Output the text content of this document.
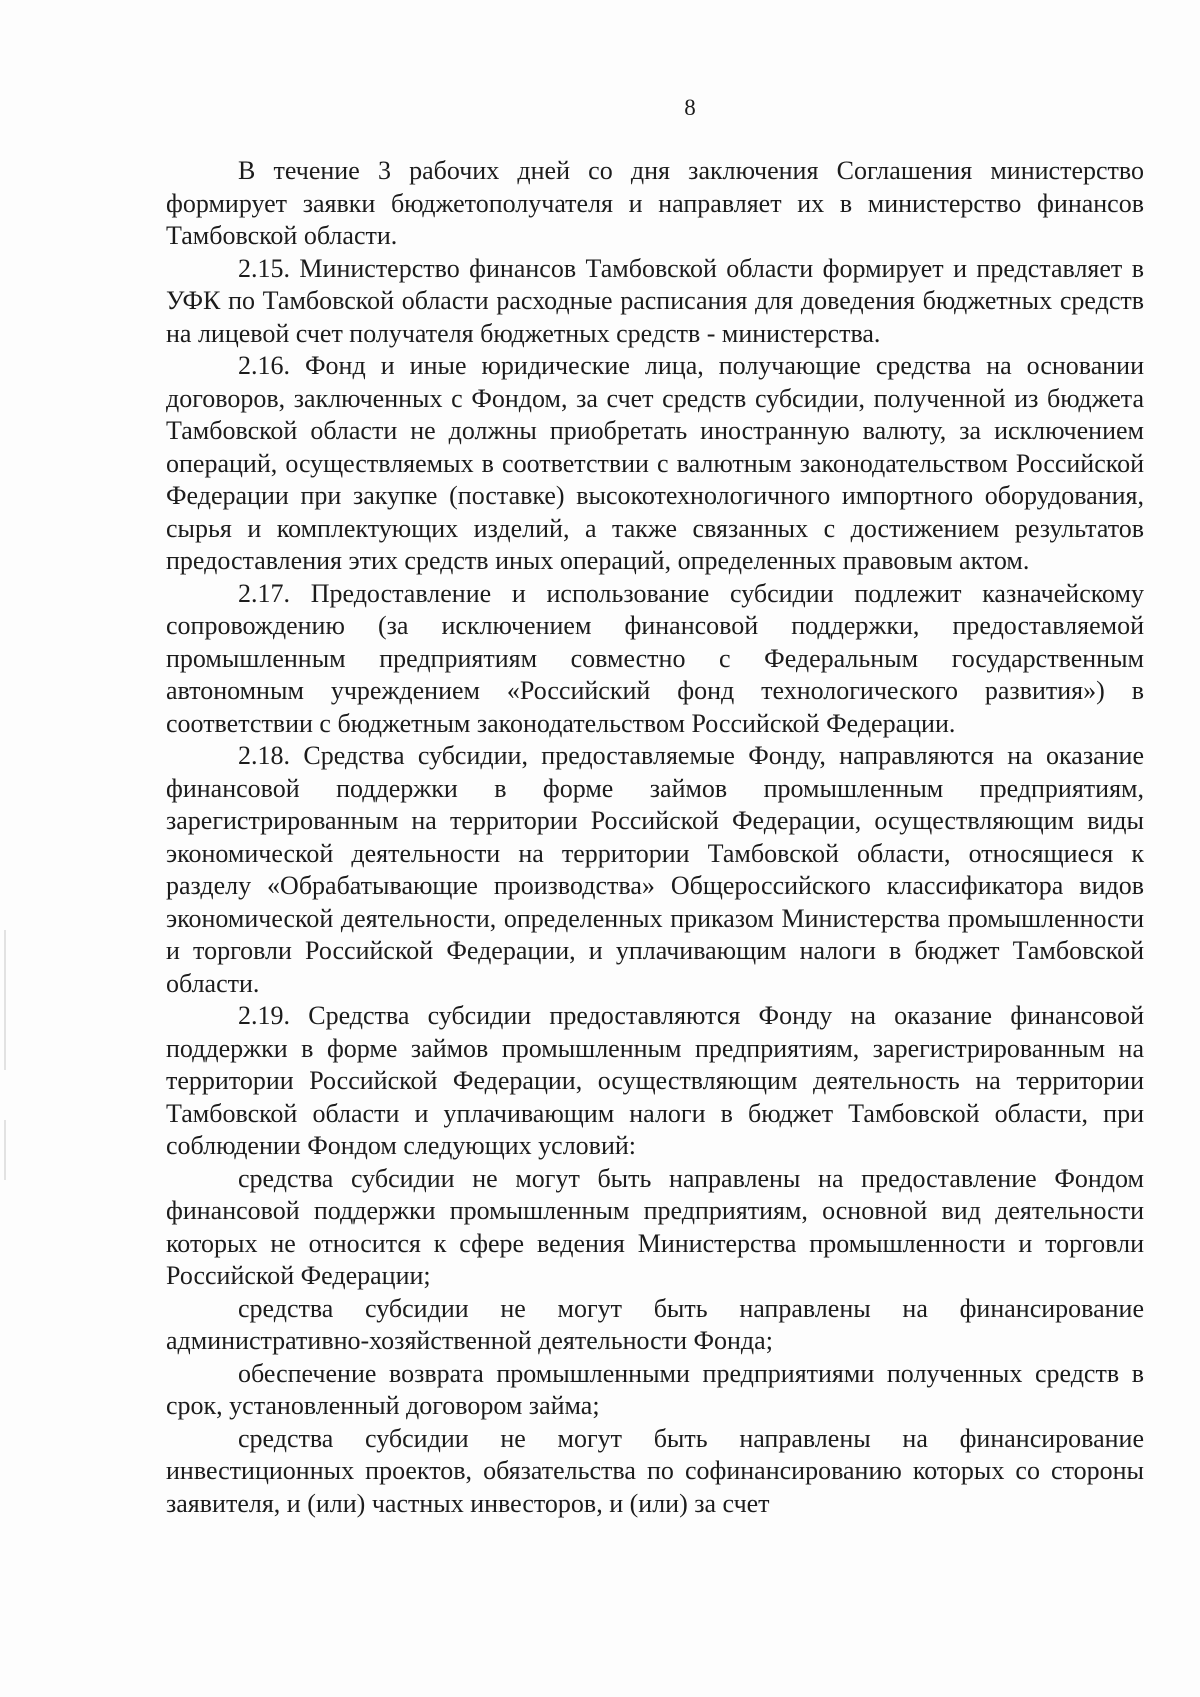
8

В течение 3 рабочих дней со дня заключения Соглашения министерство формирует заявки бюджетополучателя и направляет их в министерство финансов Тамбовской области.

2.15. Министерство финансов Тамбовской области формирует и представляет в УФК по Тамбовской области расходные расписания для доведения бюджетных средств на лицевой счет получателя бюджетных средств - министерства.

2.16. Фонд и иные юридические лица, получающие средства на основании договоров, заключенных с Фондом, за счет средств субсидии, полученной из бюджета Тамбовской области не должны приобретать иностранную валюту, за исключением операций, осуществляемых в соответствии с валютным законодательством Российской Федерации при закупке (поставке) высокотехнологичного импортного оборудования, сырья и комплектующих изделий, а также связанных с достижением результатов предоставления этих средств иных операций, определенных правовым актом.

2.17. Предоставление и использование субсидии подлежит казначейскому сопровождению (за исключением финансовой поддержки, предоставляемой промышленным предприятиям совместно с Федеральным государственным автономным учреждением «Российский фонд технологического развития») в соответствии с бюджетным законодательством Российской Федерации.

2.18. Средства субсидии, предоставляемые Фонду, направляются на оказание финансовой поддержки в форме займов промышленным предприятиям, зарегистрированным на территории Российской Федерации, осуществляющим виды экономической деятельности на территории Тамбовской области, относящиеся к разделу «Обрабатывающие производства» Общероссийского классификатора видов экономической деятельности, определенных приказом Министерства промышленности и торговли Российской Федерации, и уплачивающим налоги в бюджет Тамбовской области.

2.19. Средства субсидии предоставляются Фонду на оказание финансовой поддержки в форме займов промышленным предприятиям, зарегистрированным на территории Российской Федерации, осуществляющим деятельность на территории Тамбовской области и уплачивающим налоги в бюджет Тамбовской области, при соблюдении Фондом следующих условий:

средства субсидии не могут быть направлены на предоставление Фондом финансовой поддержки промышленным предприятиям, основной вид деятельности которых не относится к сфере ведения Министерства промышленности и торговли Российской Федерации;

средства субсидии не могут быть направлены на финансирование административно-хозяйственной деятельности Фонда;

обеспечение возврата промышленными предприятиями полученных средств в срок, установленный договором займа;

средства субсидии не могут быть направлены на финансирование инвестиционных проектов, обязательства по софинансированию которых со стороны заявителя, и (или) частных инвесторов, и (или) за счет
